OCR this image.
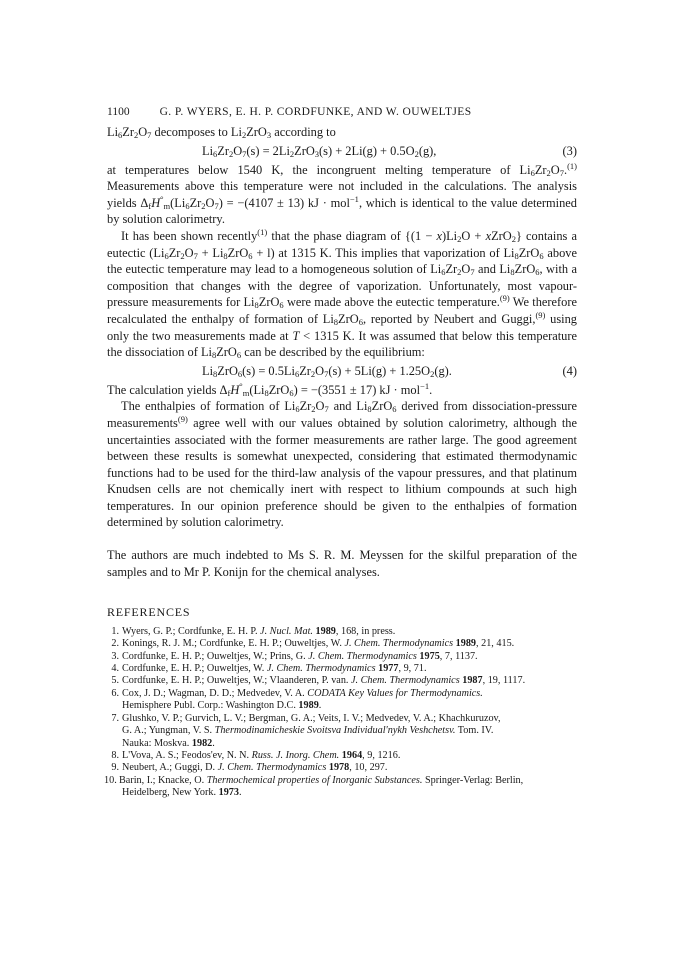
1100	G. P. WYERS, E. H. P. CORDFUNKE, AND W. OUWELTJES

$Li_6Zr_2O_7$ decomposes to $Li_2ZrO_3$ according to

$Li_6Zr_2O_7(s) = 2Li_2ZrO_3(s) + 2Li(g) + 0.5O_2(g)$,	(3)

at temperatures below 1540 K, the incongruent melting temperature of $Li_6Zr_2O_7.^{(1)}$ Measurements above this temperature were not included in the calculations. The analysis yields $\Delta_fH^\circ_m(Li_6Zr_2O_7) = -(4107 \pm 13)$ kJ · mol$^{-1}$, which is identical to the value determined by solution calorimetry.

It has been shown recently$^{(1)}$ that the phase diagram of {$(1 - x)Li_2O$ + xZrO$_2$} contains a eutectic $(Li_6Zr_2O_7 + Li_8ZrO_6 + l)$ at 1315 K. This implies that vaporization of $Li_8ZrO_6$ above the eutectic temperature may lead to a homogeneous solution of $Li_6Zr_2O_7$ and $Li_8ZrO_6$, with a composition that changes with the degree of vaporization. Unfortunately, most vapour-pressure measurements for $Li_8ZrO_6$ were made above the eutectic temperature.$^{(9)}$ We therefore recalculated the enthalpy of formation of $Li_8ZrO_6$, reported by Neubert and Guggi,$^{(9)}$ using only the two measurements made at T < 1315 K. It was assumed that below this temperature the dissociation of $Li_8ZrO_6$ can be described by the equilibrium:

$Li_8ZrO_6(s) = 0.5Li_6Zr_2O_7(s) + 5Li(g) + 1.25O_2(g)$.	(4)

The calculation yields $\Delta_fH^\circ_m(Li_8ZrO_6) = -(3551 \pm 17)$ kJ · mol$^{-1}$.

The enthalpies of formation of $Li_6Zr_2O_7$ and $Li_8ZrO_6$ derived from dissociation-pressure measurements$^{(9)}$ agree well with our values obtained by solution calorimetry, although the uncertainties associated with the former measurements are rather large. The good agreement between these results is somewhat unexpected, considering that estimated thermodynamic functions had to be used for the third-law analysis of the vapour pressures, and that platinum Knudsen cells are not chemically inert with respect to lithium compounds at such high temperatures. In our opinion preference should be given to the enthalpies of formation determined by solution calorimetry.

The authors are much indebted to Ms S. R. M. Meyssen for the skilful preparation of the samples and to Mr P. Konijn for the chemical analyses.

REFERENCES
1. Wyers, G. P.; Cordfunke, E. H. P. J. Nucl. Mat. 1989, 168, in press.
2. Konings, R. J. M.; Cordfunke, E. H. P.; Ouweltjes, W. J. Chem. Thermodynamics 1989, 21, 415.
3. Cordfunke, E. H. P.; Ouweltjes, W.; Prins, G. J. Chem. Thermodynamics 1975, 7, 1137.
4. Cordfunke, E. H. P.; Ouweltjes, W. J. Chem. Thermodynamics 1977, 9, 71.
5. Cordfunke, E. H. P.; Ouweltjes, W.; Vlaanderen, P. van. J. Chem. Thermodynamics 1987, 19, 1117.
6. Cox, J. D.; Wagman, D. D.; Medvedev, V. A. CODATA Key Values for Thermodynamics.
Hemisphere Publ. Corp.: Washington D.C. 1989.
7. Glushko, V. P.; Gurvich, L. V.; Bergman, G. A.; Veits, I. V.; Medvedev, V. A.; Khachkuruzov,
G. A.; Yungman, V. S. Thermodinamicheskie Svoitsva Individual'nykh Veshchetsv. Tom. IV.
Nauka: Moskva. 1982.
8. L'Vova, A. S.; Feodos'ev, N. N. Russ. J. Inorg. Chem. 1964, 9, 1216.
9. Neubert, A.; Guggi, D. J. Chem. Thermodynamics 1978, 10, 297.
10. Barin, I.; Knacke, O. Thermochemical properties of Inorganic Substances. Springer-Verlag: Berlin,
Heidelberg, New York. 1973.
